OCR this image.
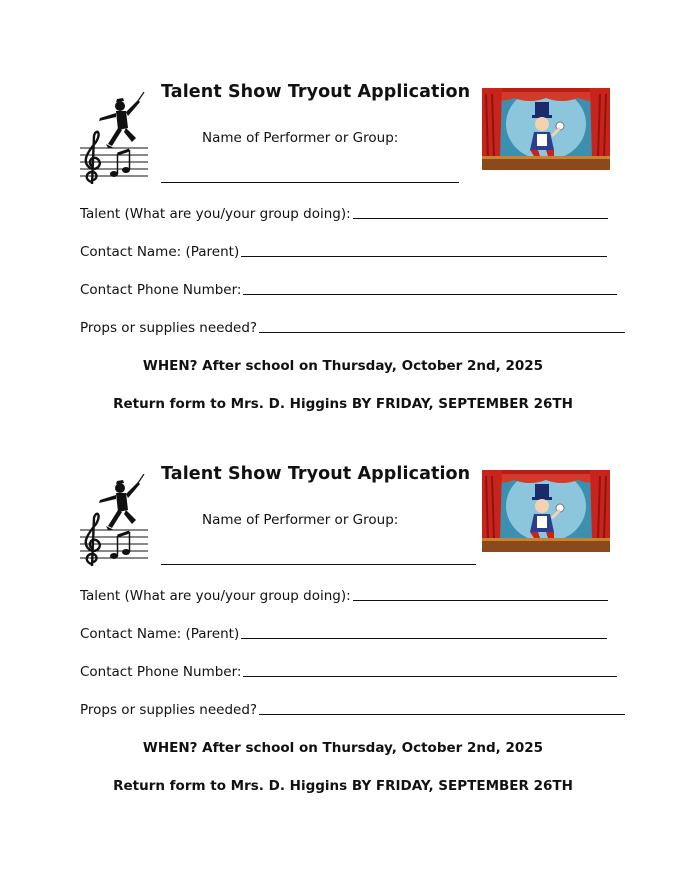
Talent Show Tryout Application
Name of Performer or Group:
Talent (What are you/your group doing):
Contact Name: (Parent)
Contact Phone Number:
Props or supplies needed?
WHEN? After school on Thursday, October 2nd, 2025
Return form to Mrs. D. Higgins BY FRIDAY, SEPTEMBER 26TH
Talent Show Tryout Application
Name of Performer or Group:
Talent (What are you/your group doing):
Contact Name: (Parent)
Contact Phone Number:
Props or supplies needed?
WHEN? After school on Thursday, October 2nd, 2025
Return form to Mrs. D. Higgins BY FRIDAY, SEPTEMBER 26TH
